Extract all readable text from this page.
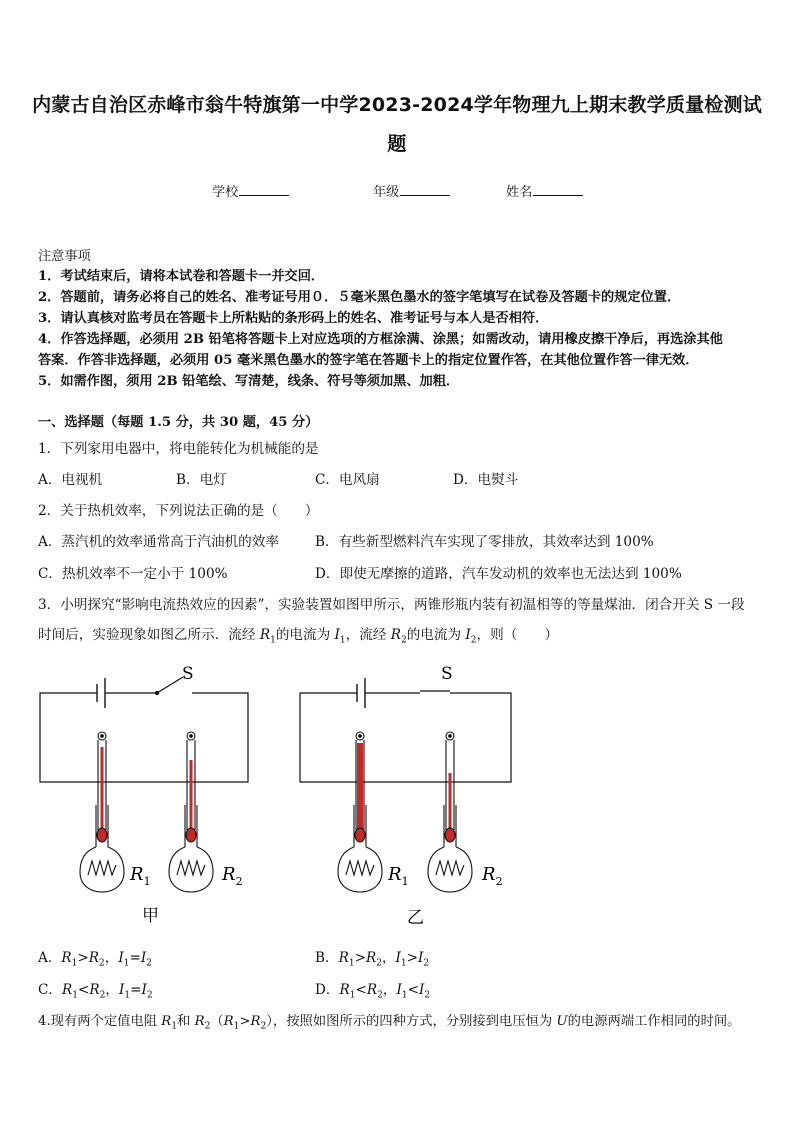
内蒙古自治区赤峰市翁牛特旗第一中学2023-2024学年物理九上期末教学质量检测试
题
学校	年级	姓名
注意事项
1．考试结束后，请将本试卷和答题卡一并交回．
2．答题前，请务必将自己的姓名、准考证号用０．５毫米黑色墨水的签字笔填写在试卷及答题卡的规定位置．
3．请认真核对监考员在答题卡上所粘贴的条形码上的姓名、准考证号与本人是否相符．
4．作答选择题，必须用 2B 铅笔将答题卡上对应选项的方框涂满、涂黑；如需改动，请用橡皮擦干净后，再选涂其他
答案．作答非选择题，必须用 05 毫米黑色墨水的签字笔在答题卡上的指定位置作答，在其他位置作答一律无效．
5．如需作图，须用 2B 铅笔绘、写清楚，线条、符号等须加黑、加粗．
一、选择题（每题 1.5 分，共 30 题，45 分）
1．下列家用电器中，将电能转化为机械能的是
A．电视机	B．电灯	C．电风扇	D．电熨斗
2．关于热机效率，下列说法正确的是（　　）
A．蒸汽机的效率通常高于汽油机的效率	B．有些新型燃料汽车实现了零排放，其效率达到 100%
C．热机效率不一定小于 100%	D．即使无摩擦的道路，汽车发动机的效率也无法达到 100%
3．小明探究“影响电流热效应的因素”，实验装置如图甲所示，两锥形瓶内装有初温相等的等量煤油．闭合开关 S 一段
时间后，实验现象如图乙所示．流经 $R_1$的电流为 $I_1$，流经 $R_2$的电流为 $I_2$，则（　　）
S
$R_1$	$R_2$
甲
S
$R_1$	$R_2$
乙
A．$R_1>R_2$，$I_1=I_2$	B．$R_1>R_2$，$I_1>I_2$
C．$R_1<R_2$，$I_1=I_2$	D．$R_1<R_2$，$I_1<I_2$
4.现有两个定值电阻 $R_1$和 $R_2(R_1>R_2)$，按照如图所示的四种方式，分别接到电压恒为 U的电源两端工作相同的时间。
